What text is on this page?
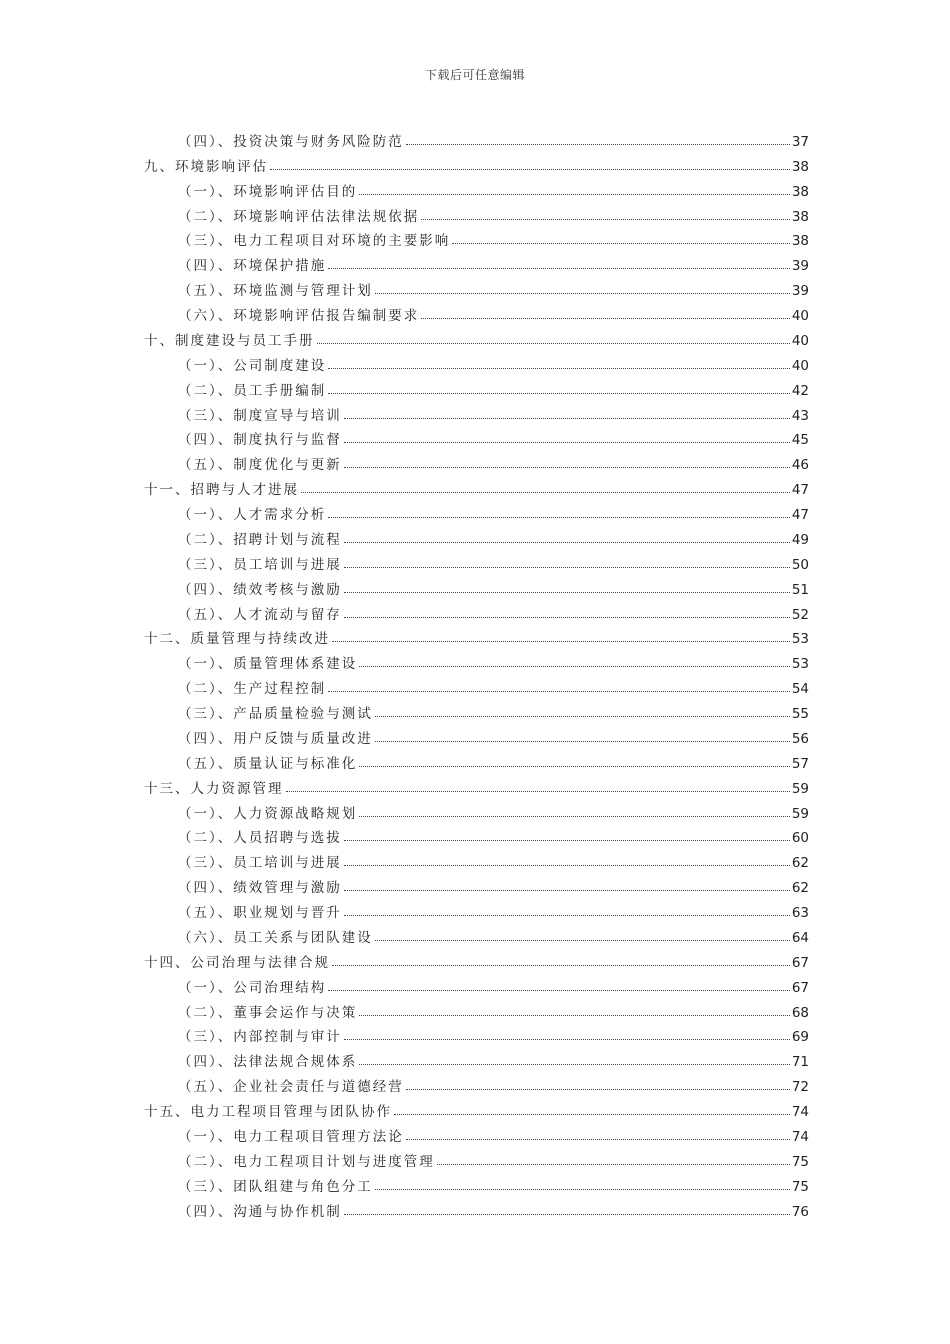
下载后可任意编辑
（四）、投资决策与财务风险防范	37
九、环境影响评估	38
（一）、环境影响评估目的	38
（二）、环境影响评估法律法规依据	38
（三）、电力工程项目对环境的主要影响	38
（四）、环境保护措施	39
（五）、环境监测与管理计划	39
（六）、环境影响评估报告编制要求	40
十、制度建设与员工手册	40
（一）、公司制度建设	40
（二）、员工手册编制	42
（三）、制度宣导与培训	43
（四）、制度执行与监督	45
（五）、制度优化与更新	46
十一、招聘与人才进展	47
（一）、人才需求分析	47
（二）、招聘计划与流程	49
（三）、员工培训与进展	50
（四）、绩效考核与激励	51
（五）、人才流动与留存	52
十二、质量管理与持续改进	53
（一）、质量管理体系建设	53
（二）、生产过程控制	54
（三）、产品质量检验与测试	55
（四）、用户反馈与质量改进	56
（五）、质量认证与标准化	57
十三、人力资源管理	59
（一）、人力资源战略规划	59
（二）、人员招聘与选拔	60
（三）、员工培训与进展	62
（四）、绩效管理与激励	62
（五）、职业规划与晋升	63
（六）、员工关系与团队建设	64
十四、公司治理与法律合规	67
（一）、公司治理结构	67
（二）、董事会运作与决策	68
（三）、内部控制与审计	69
（四）、法律法规合规体系	71
（五）、企业社会责任与道德经营	72
十五、电力工程项目管理与团队协作	74
（一）、电力工程项目管理方法论	74
（二）、电力工程项目计划与进度管理	75
（三）、团队组建与角色分工	75
（四）、沟通与协作机制	76
